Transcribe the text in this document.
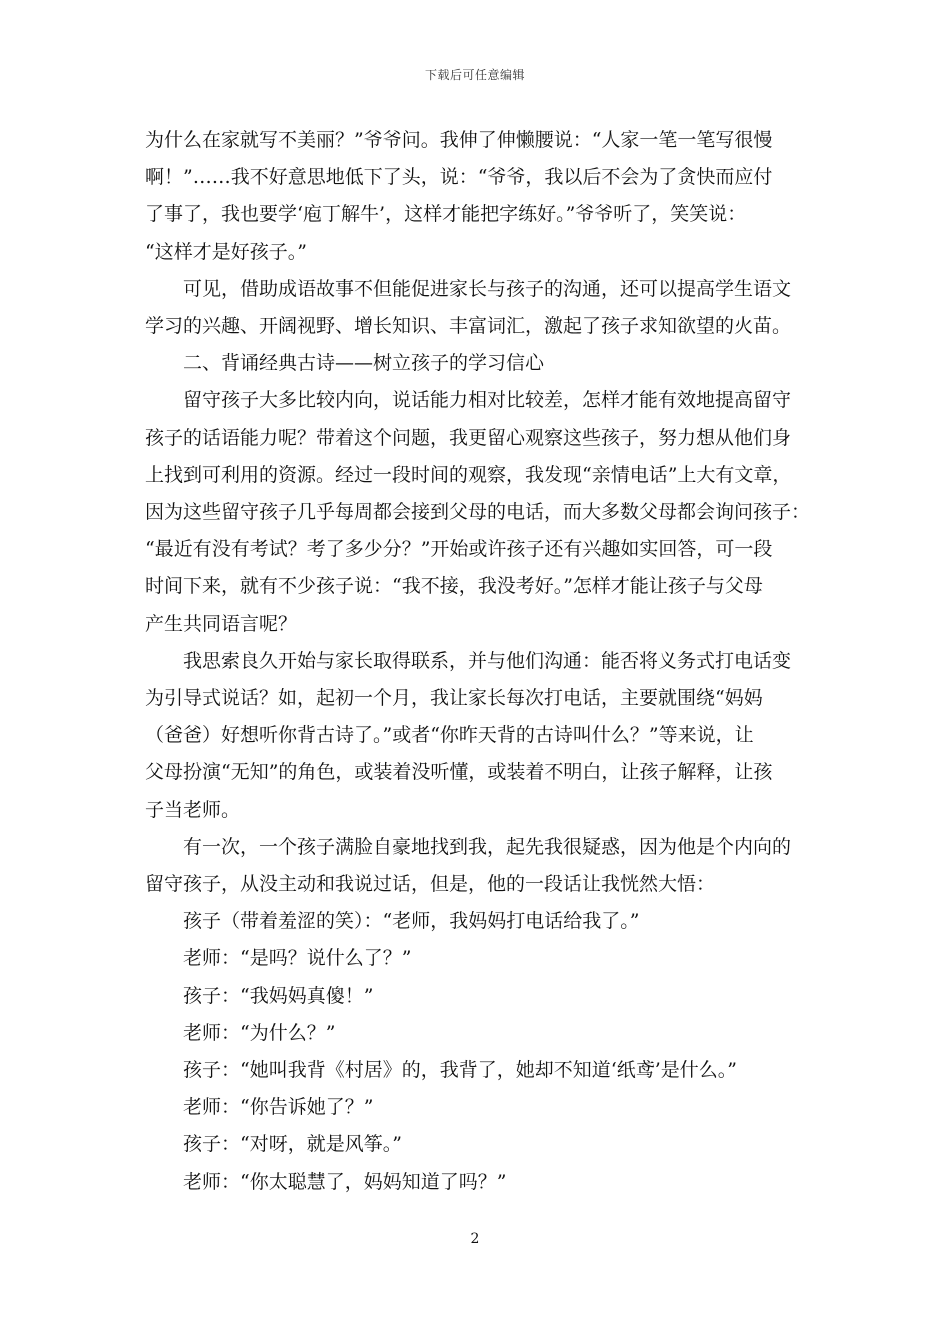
下载后可任意编辑

为什么在家就写不美丽？”爷爷问。我伸了伸懒腰说：“人家一笔一笔写很慢
啊！”……我不好意思地低下了头，说：“爷爷，我以后不会为了贪快而应付
了事了，我也要学‘庖丁解牛’，这样才能把字练好。”爷爷听了，笑笑说：
“这样才是好孩子。”

可见，借助成语故事不但能促进家长与孩子的沟通，还可以提高学生语文
学习的兴趣、开阔视野、增长知识、丰富词汇，激起了孩子求知欲望的火苗。

二、背诵经典古诗——树立孩子的学习信心

留守孩子大多比较内向，说话能力相对比较差，怎样才能有效地提高留守
孩子的话语能力呢？带着这个问题，我更留心观察这些孩子，努力想从他们身
上找到可利用的资源。经过一段时间的观察，我发现“亲情电话”上大有文章，
因为这些留守孩子几乎每周都会接到父母的电话，而大多数父母都会询问孩子：
“最近有没有考试？考了多少分？”开始或许孩子还有兴趣如实回答，可一段
时间下来，就有不少孩子说：“我不接，我没考好。”怎样才能让孩子与父母
产生共同语言呢？

我思索良久开始与家长取得联系，并与他们沟通：能否将义务式打电话变
为引导式说话？如，起初一个月，我让家长每次打电话，主要就围绕“妈妈
（爸爸）好想听你背古诗了。”或者“你昨天背的古诗叫什么？”等来说，让
父母扮演“无知”的角色，或装着没听懂，或装着不明白，让孩子解释，让孩
子当老师。

有一次，一个孩子满脸自豪地找到我，起先我很疑惑，因为他是个内向的
留守孩子，从没主动和我说过话，但是，他的一段话让我恍然大悟：

孩子（带着羞涩的笑）：“老师，我妈妈打电话给我了。”

老师：“是吗？说什么了？”

孩子：“我妈妈真傻！”

老师：“为什么？”

孩子：“她叫我背《村居》的，我背了，她却不知道‘纸鸢’是什么。”

老师：“你告诉她了？”

孩子：“对呀，就是风筝。”

老师：“你太聪慧了，妈妈知道了吗？”

2
